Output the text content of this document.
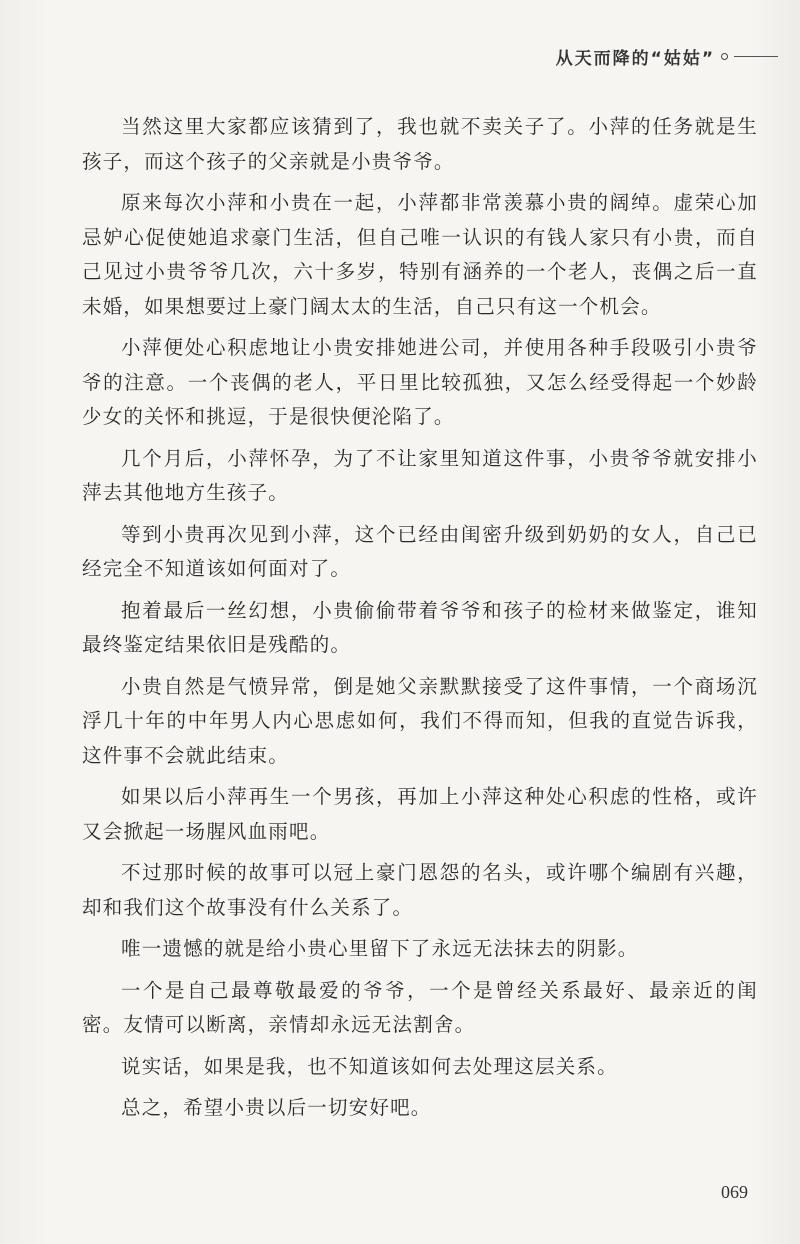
从天而降的“姑姑”

当然这里大家都应该猜到了，我也就不卖关子了。小萍的任务就是生孩子，而这个孩子的父亲就是小贵爷爷。

原来每次小萍和小贵在一起，小萍都非常羡慕小贵的阔绰。虚荣心加忌妒心促使她追求豪门生活，但自己唯一认识的有钱人家只有小贵，而自己见过小贵爷爷几次，六十多岁，特别有涵养的一个老人，丧偶之后一直未婚，如果想要过上豪门阔太太的生活，自己只有这一个机会。

小萍便处心积虑地让小贵安排她进公司，并使用各种手段吸引小贵爷爷的注意。一个丧偶的老人，平日里比较孤独，又怎么经受得起一个妙龄少女的关怀和挑逗，于是很快便沦陷了。

几个月后，小萍怀孕，为了不让家里知道这件事，小贵爷爷就安排小萍去其他地方生孩子。

等到小贵再次见到小萍，这个已经由闺密升级到奶奶的女人，自己已经完全不知道该如何面对了。

抱着最后一丝幻想，小贵偷偷带着爷爷和孩子的检材来做鉴定，谁知最终鉴定结果依旧是残酷的。

小贵自然是气愤异常，倒是她父亲默默接受了这件事情，一个商场沉浮几十年的中年男人内心思虑如何，我们不得而知，但我的直觉告诉我，这件事不会就此结束。

如果以后小萍再生一个男孩，再加上小萍这种处心积虑的性格，或许又会掀起一场腥风血雨吧。

不过那时候的故事可以冠上豪门恩怨的名头，或许哪个编剧有兴趣，却和我们这个故事没有什么关系了。

唯一遗憾的就是给小贵心里留下了永远无法抹去的阴影。

一个是自己最尊敬最爱的爷爷，一个是曾经关系最好、最亲近的闺密。友情可以断离，亲情却永远无法割舍。

说实话，如果是我，也不知道该如何去处理这层关系。

总之，希望小贵以后一切安好吧。

069
